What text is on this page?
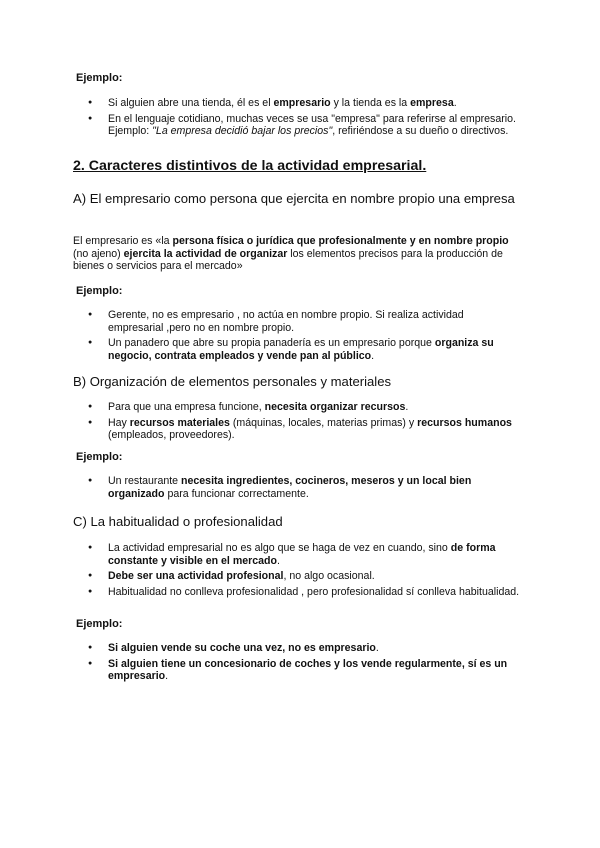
Ejemplo:
● Si alguien abre una tienda, él es el empresario y la tienda es la empresa.
● En el lenguaje cotidiano, muchas veces se usa "empresa" para referirse al empresario. Ejemplo: "La empresa decidió bajar los precios", refiriéndose a su dueño o directivos.
2. Caracteres distintivos de la actividad empresarial.
A) El empresario como persona que ejercita en nombre propio una empresa
El empresario es «la persona física o jurídica que profesionalmente y en nombre propio (no ajeno) ejercita la actividad de organizar los elementos precisos para la producción de bienes o servicios para el mercado»
Ejemplo:
● Gerente, no es empresario , no actúa en nombre propio. Si realiza actividad empresarial ,pero no en nombre propio.
● Un panadero que abre su propia panadería es un empresario porque organiza su negocio, contrata empleados y vende pan al público.
B) Organización de elementos personales y materiales
● Para que una empresa funcione, necesita organizar recursos.
● Hay recursos materiales (máquinas, locales, materias primas) y recursos humanos (empleados, proveedores).
Ejemplo:
● Un restaurante necesita ingredientes, cocineros, meseros y un local bien organizado para funcionar correctamente.
C) La habitualidad o profesionalidad
● La actividad empresarial no es algo que se haga de vez en cuando, sino de forma constante y visible en el mercado.
● Debe ser una actividad profesional, no algo ocasional.
● Habitualidad no conlleva profesionalidad , pero profesionalidad sí conlleva habitualidad.
Ejemplo:
● Si alguien vende su coche una vez, no es empresario.
● Si alguien tiene un concesionario de coches y los vende regularmente, sí es un empresario.
